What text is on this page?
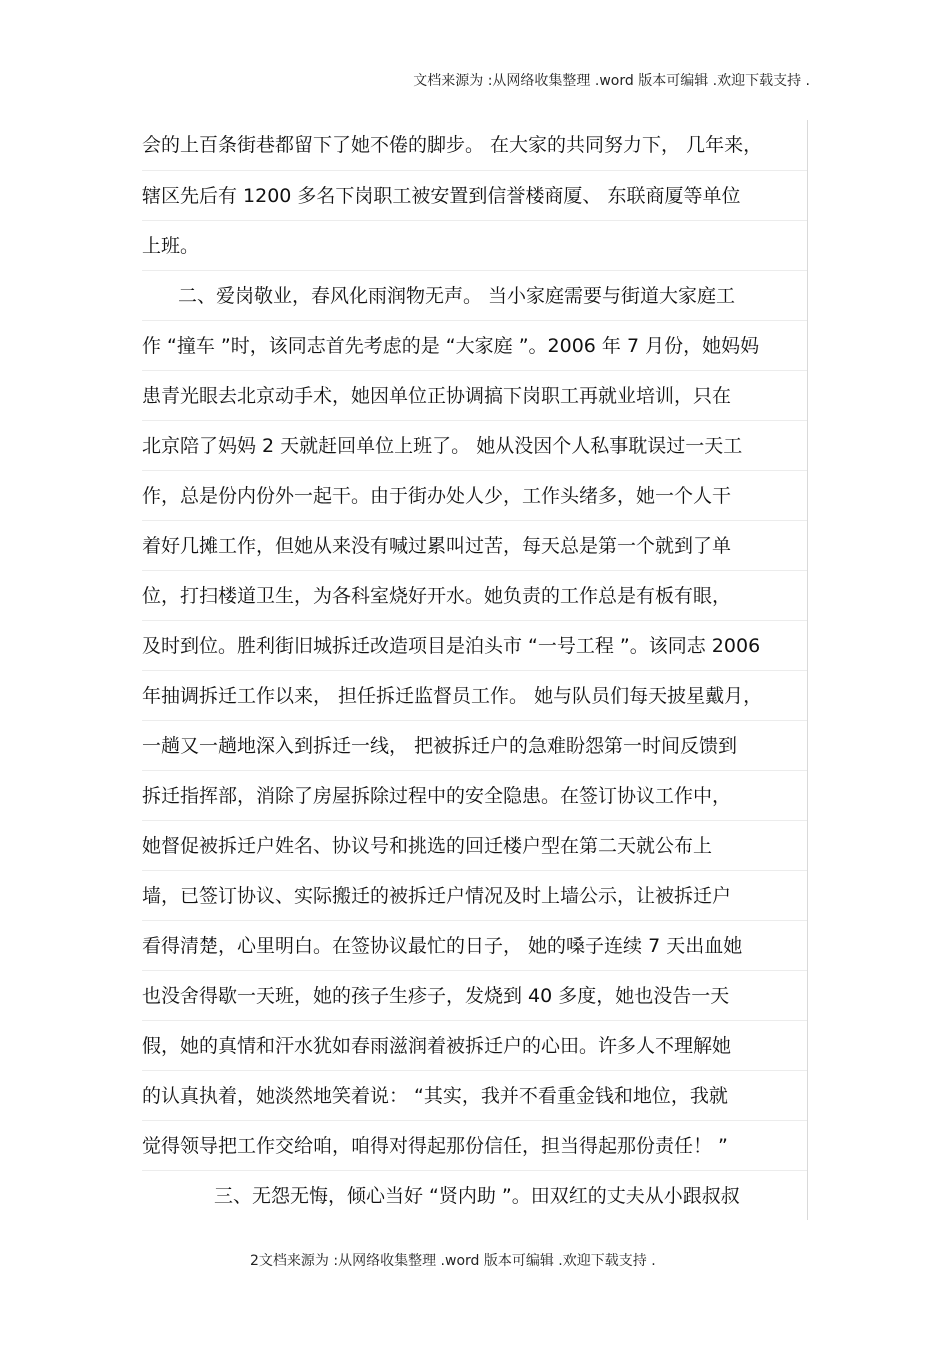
文档来源为 :从网络收集整理 .word 版本可编辑 .欢迎下载支持 .
会的上百条街巷都留下了她不倦的脚步。 在大家的共同努力下， 几年来，
辖区先后有 1200 多名下岗职工被安置到信誉楼商厦、 东联商厦等单位
上班。
二、爱岗敬业，春风化雨润物无声。 当小家庭需要与街道大家庭工
作 “撞车 ”时，该同志首先考虑的是 “大家庭 ”。2006 年 7 月份，她妈妈
患青光眼去北京动手术，她因单位正协调搞下岗职工再就业培训，只在
北京陪了妈妈 2 天就赶回单位上班了。 她从没因个人私事耽误过一天工
作，总是份内份外一起干。由于街办处人少，工作头绪多，她一个人干
着好几摊工作，但她从来没有喊过累叫过苦，每天总是第一个就到了单
位，打扫楼道卫生，为各科室烧好开水。她负责的工作总是有板有眼，
及时到位。胜利街旧城拆迁改造项目是泊头市 “一号工程 ”。该同志 2006
年抽调拆迁工作以来， 担任拆迁监督员工作。 她与队员们每天披星戴月，
一趟又一趟地深入到拆迁一线， 把被拆迁户的急难盼怨第一时间反馈到
拆迁指挥部，消除了房屋拆除过程中的安全隐患。在签订协议工作中，
她督促被拆迁户姓名、协议号和挑选的回迁楼户型在第二天就公布上
墙，已签订协议、实际搬迁的被拆迁户情况及时上墙公示，让被拆迁户
看得清楚，心里明白。在签协议最忙的日子， 她的嗓子连续 7 天出血她
也没舍得歇一天班，她的孩子生疹子，发烧到 40 多度，她也没告一天
假，她的真情和汗水犹如春雨滋润着被拆迁户的心田。许多人不理解她
的认真执着，她淡然地笑着说： “其实，我并不看重金钱和地位，我就
觉得领导把工作交给咱，咱得对得起那份信任，担当得起那份责任！ ”
三、无怨无悔，倾心当好 “贤内助 ”。田双红的丈夫从小跟叔叔
2文档来源为 :从网络收集整理 .word 版本可编辑 .欢迎下载支持 .
